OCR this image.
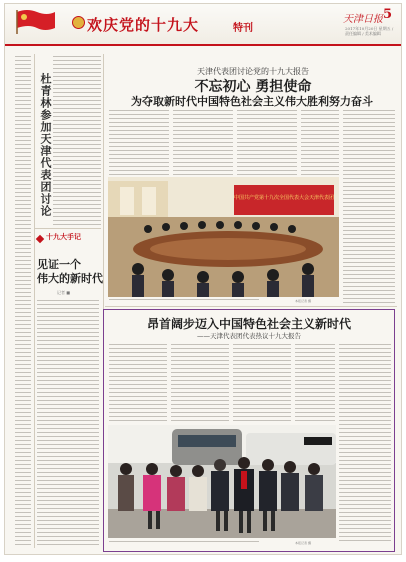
欢庆党的十九大	特刊
天津日报 5
2017年10月20日 星期五 / 责任编辑 / 美术编辑
杜青林参加天津代表团讨论
十九大手记
见证一个
伟大的新时代
记者 ■
天津代表团讨论党的十九大报告
不忘初心 勇担使命
为夺取新时代中国特色社会主义伟大胜利努力奋斗
中国共产党第十九次全国代表大会天津代表团
本报记者 摄
昂首阔步迈入中国特色社会主义新时代
——天津代表团代表热议十九大报告
本报记者 摄
